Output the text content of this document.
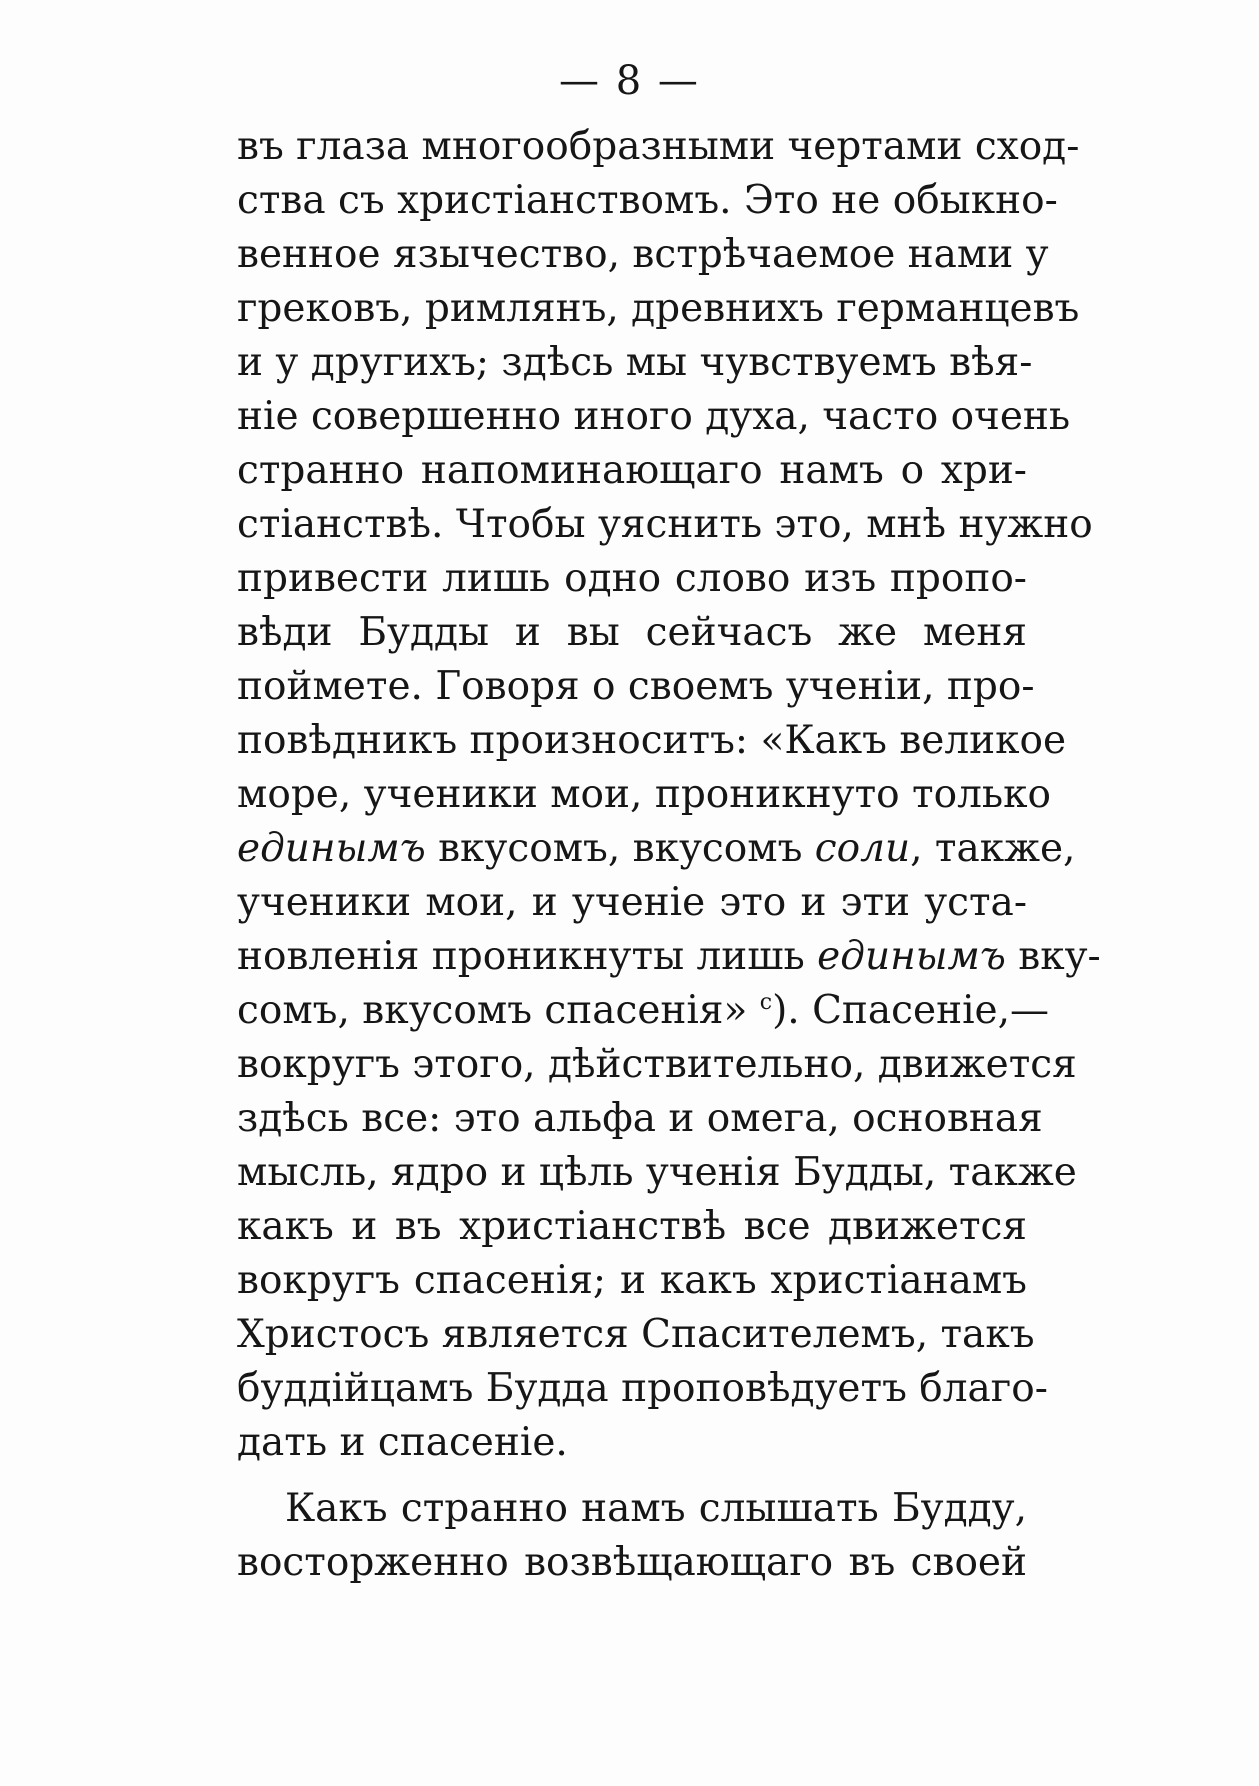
— 8 —
въ глаза многообразными чертами сход-
ства съ христіанствомъ. Это не обыкно-
венное язычество, встрѣчаемое нами у
грековъ, римлянъ, древнихъ германцевъ
и у другихъ; здѣсь мы чувствуемъ вѣя-
ніе совершенно иного духа, часто очень
странно напоминающаго намъ о хри-
стіанствѣ. Чтобы уяснить это, мнѣ нужно
привести лишь одно слово изъ пропо-
вѣди Будды и вы сейчасъ же меня
поймете. Говоря о своемъ ученіи, про-
повѣдникъ произноситъ: «Какъ великое
море, ученики мои, проникнуто только
единымъ вкусомъ, вкусомъ соли, также,
ученики мои, и ученіе это и эти уста-
новленія проникнуты лишь единымъ вку-
сомъ, вкусомъ спасенія» $^c$). Спасеніе,—
вокругъ этого, дѣйствительно, движется
здѣсь все: это альфа и омега, основная
мысль, ядро и цѣль ученія Будды, также
какъ и въ христіанствѣ все движется
вокругъ спасенія; и какъ христіанамъ
Христосъ является Спасителемъ, такъ
буддійцамъ Будда проповѣдуетъ благо-
дать и спасеніе.
Какъ странно намъ слышать Будду,
восторженно возвѣщающаго въ своей
